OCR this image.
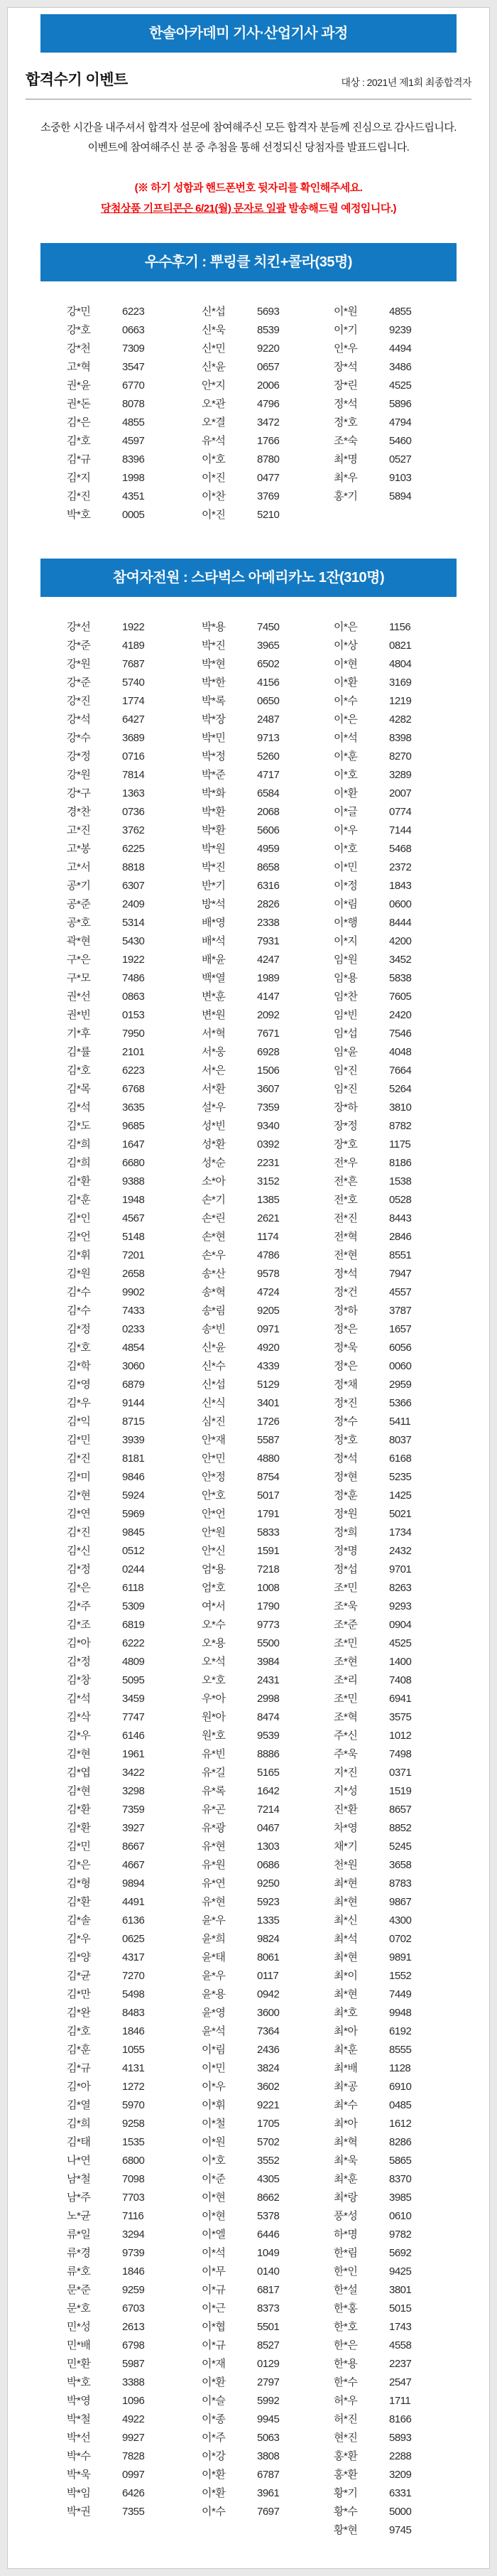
한솔아카데미 기사·산업기사 과정
합격수기 이벤트	대상 : 2021년 제1회 최종합격자
소중한 시간을 내주셔서 합격자 설문에 참여해주신 모든 합격자 분들께 진심으로 감사드립니다.
이벤트에 참여해주신 분 중 추첨을 통해 선정되신 당첨자를 발표드립니다.
(※ 하기 성함과 핸드폰번호 뒷자리를 확인해주세요.
당첨상품 기프티콘은 6/21(월) 문자로 일괄 발송해드릴 예정입니다.)
우수후기 : 뿌링클 치킨+콜라(35명)
강*민	6223	신*섭	5693	이*원	4855
강*호	0663	신*욱	8539	이*기	9239
강*천	7309	신*민	9220	인*우	4494
고*혁	3547	신*윤	0657	장*석	3486
권*윤	6770	안*지	2006	장*린	4525
권*돈	8078	오*관	4796	정*석	5896
김*은	4855	오*결	3472	정*호	4794
김*호	4597	유*석	1766	조*숙	5460
김*규	8396	이*호	8780	최*명	0527
김*지	1998	이*진	0477	최*우	9103
김*진	4351	이*찬	3769	홍*기	5894
박*호	0005	이*진	5210
참여자전원 : 스타벅스 아메리카노 1잔(310명)
강*선	1922	박*용	7450	이*은	1156
강*준	4189	박*진	3965	이*상	0821
강*원	7687	박*현	6502	이*현	4804
강*준	5740	박*한	4156	이*환	3169
강*진	1774	박*록	0650	이*수	1219
강*석	6427	박*장	2487	이*은	4282
강*수	3689	박*민	9713	이*석	8398
강*정	0716	박*정	5260	이*훈	8270
강*원	7814	박*준	4717	이*호	3289
강*구	1363	박*화	6584	이*환	2007
경*찬	0736	박*환	2068	이*글	0774
고*진	3762	박*환	5606	이*우	7144
고*봉	6225	박*원	4959	이*호	5468
고*서	8818	박*진	8658	이*민	2372
공*기	6307	반*기	6316	이*정	1843
공*준	2409	방*석	2826	이*림	0600
공*호	5314	배*영	2338	이*행	8444
곽*현	5430	배*석	7931	이*지	4200
구*은	1922	배*윤	4247	임*원	3452
구*모	7486	백*열	1989	임*용	5838
권*선	0863	변*훈	4147	임*찬	7605
권*빈	0153	변*원	2092	임*빈	2420
기*후	7950	서*혁	7671	임*섭	7546
김*률	2101	서*웅	6928	임*윤	4048
김*호	6223	서*은	1506	임*진	7664
김*목	6768	서*환	3607	임*진	5264
김*석	3635	설*우	7359	장*하	3810
김*도	9685	성*빈	9340	장*정	8782
김*희	1647	성*환	0392	장*호	1175
김*희	6680	성*순	2231	전*우	8186
김*환	9388	소*아	3152	전*흔	1538
김*훈	1948	손*기	1385	전*호	0528
김*인	4567	손*린	2621	전*진	8443
김*언	5148	손*현	1174	전*혁	2846
김*휘	7201	손*우	4786	전*현	8551
김*원	2658	송*산	9578	정*석	7947
김*수	9902	송*혁	4724	정*건	4557
김*수	7433	송*림	9205	정*하	3787
김*정	0233	송*빈	0971	정*은	1657
김*호	4854	신*윤	4920	정*욱	6056
김*학	3060	신*수	4339	정*은	0060
김*영	6879	신*섭	5129	정*채	2959
김*우	9144	신*식	3401	정*진	5366
김*익	8715	심*진	1726	정*수	5411
김*민	3939	안*재	5587	정*호	8037
김*진	8181	안*민	4880	정*석	6168
김*미	9846	안*정	8754	정*현	5235
김*현	5924	안*호	5017	정*훈	1425
김*연	5969	안*언	1791	정*원	5021
김*진	9845	안*원	5833	정*희	1734
김*신	0512	안*신	1591	정*명	2432
김*정	0244	엄*용	7218	정*섭	9701
김*은	6118	엄*호	1008	조*민	8263
김*주	5309	여*서	1790	조*욱	9293
김*조	6819	오*수	9773	조*준	0904
김*아	6222	오*용	5500	조*민	4525
김*정	4809	오*석	3984	조*현	1400
김*창	5095	오*호	2431	조*리	7408
김*석	3459	우*아	2998	조*민	6941
김*삭	7747	원*아	8474	조*혁	3575
김*우	6146	원*호	9539	주*신	1012
김*현	1961	유*빈	8886	주*욱	7498
김*엽	3422	유*길	5165	지*진	0371
김*현	3298	유*록	1642	지*성	1519
김*환	7359	유*곤	7214	진*환	8657
김*환	3927	유*광	0467	차*영	8852
김*민	8667	유*현	1303	채*기	5245
김*은	4667	유*원	0686	천*원	3658
김*형	9894	유*연	9250	최*현	8783
김*환	4491	유*현	5923	최*현	9867
김*솔	6136	윤*우	1335	최*신	4300
김*우	0625	윤*희	9824	최*석	0702
김*양	4317	윤*태	8061	최*현	9891
김*균	7270	윤*우	0117	최*이	1552
김*만	5498	윤*용	0942	최*현	7449
김*완	8483	윤*영	3600	최*호	9948
김*호	1846	윤*석	7364	최*아	6192
김*훈	1055	이*림	2436	최*훈	8555
김*규	4131	이*민	3824	최*배	1128
김*아	1272	이*우	3602	최*공	6910
김*열	5970	이*휘	9221	최*수	0485
김*희	9258	이*철	1705	최*아	1612
김*태	1535	이*원	5702	최*혁	8286
나*연	6800	이*호	3552	최*욱	5865
남*철	7098	이*준	4305	최*훈	8370
남*주	7703	이*현	8662	최*랑	3985
노*균	7116	이*현	5378	풍*성	0610
류*일	3294	이*엘	6446	하*명	9782
류*경	9739	이*석	1049	한*림	5692
류*호	1846	이*무	0140	한*인	9425
문*준	9259	이*규	6817	한*설	3801
문*호	6703	이*근	8373	한*홍	5015
민*성	2613	이*협	5501	한*호	1743
민*배	6798	이*규	8527	한*은	4558
민*환	5987	이*재	0129	한*용	2237
박*호	3388	이*환	2797	한*수	2547
박*영	1096	이*슬	5992	허*우	1711
박*철	4922	이*종	9945	허*진	8166
박*선	9927	이*주	5063	현*진	5893
박*수	7828	이*강	3808	홍*환	2288
박*욱	0997	이*환	6787	홍*환	3209
박*임	6426	이*환	3961	황*기	6331
박*권	7355	이*수	7697	황*수	5000
황*현	9745
